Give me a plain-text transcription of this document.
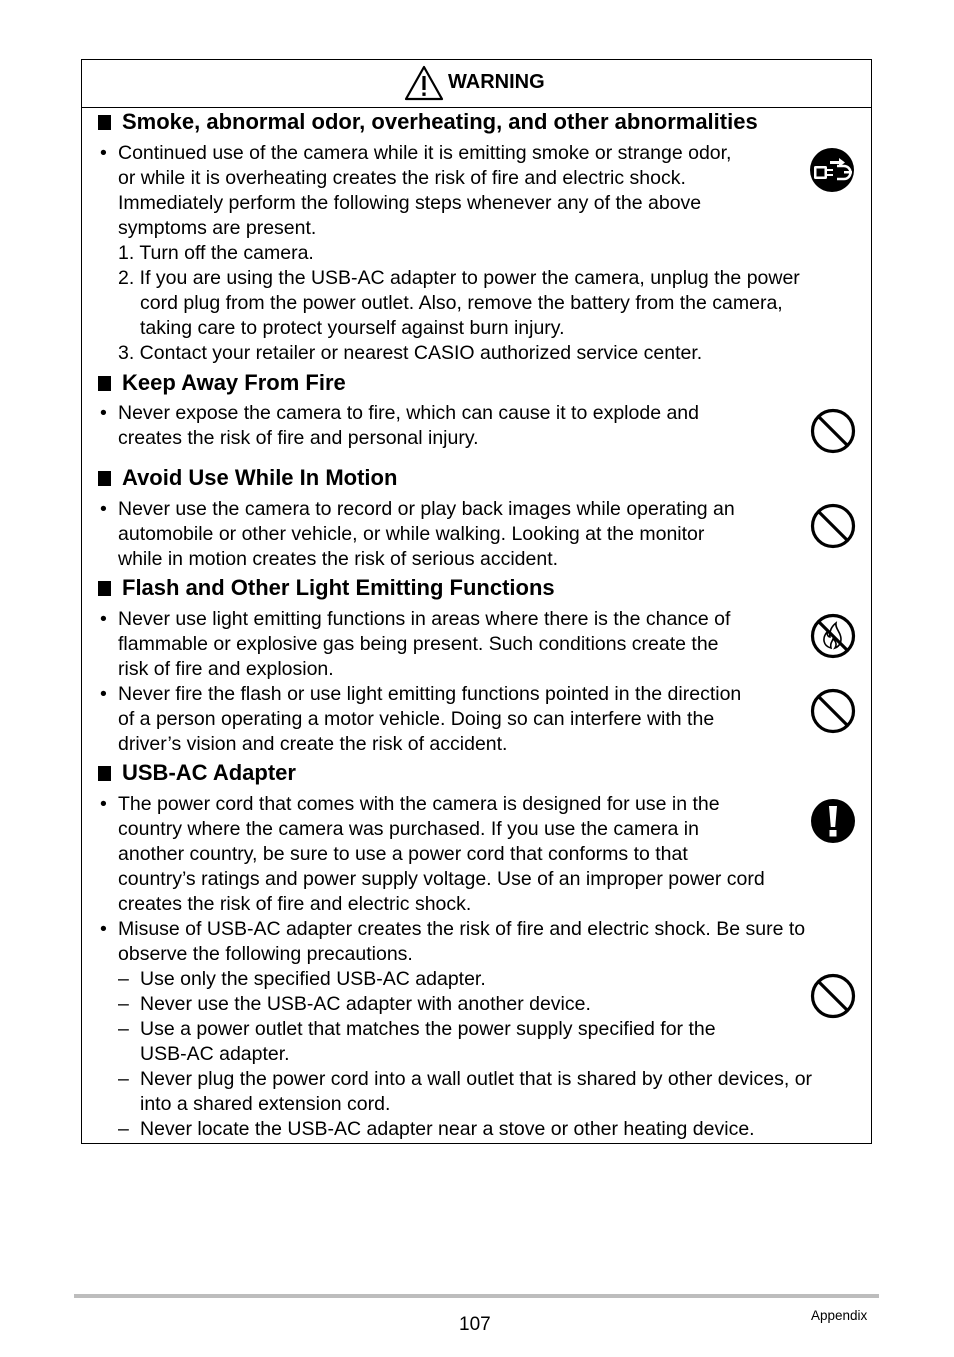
WARNING
Smoke, abnormal odor, overheating, and other abnormalities
• Continued use of the camera while it is emitting smoke or strange odor,
or while it is overheating creates the risk of fire and electric shock.
Immediately perform the following steps whenever any of the above
symptoms are present.
1. Turn off the camera.
2. If you are using the USB-AC adapter to power the camera, unplug the power
cord plug from the power outlet. Also, remove the battery from the camera,
taking care to protect yourself against burn injury.
3. Contact your retailer or nearest CASIO authorized service center.
Keep Away From Fire
• Never expose the camera to fire, which can cause it to explode and
creates the risk of fire and personal injury.
Avoid Use While In Motion
• Never use the camera to record or play back images while operating an
automobile or other vehicle, or while walking. Looking at the monitor
while in motion creates the risk of serious accident.
Flash and Other Light Emitting Functions
• Never use light emitting functions in areas where there is the chance of
flammable or explosive gas being present. Such conditions create the
risk of fire and explosion.
• Never fire the flash or use light emitting functions pointed in the direction
of a person operating a motor vehicle. Doing so can interfere with the
driver’s vision and create the risk of accident.
USB-AC Adapter
• The power cord that comes with the camera is designed for use in the
country where the camera was purchased. If you use the camera in
another country, be sure to use a power cord that conforms to that
country’s ratings and power supply voltage. Use of an improper power cord
creates the risk of fire and electric shock.
• Misuse of USB-AC adapter creates the risk of fire and electric shock. Be sure to
observe the following precautions.
– Use only the specified USB-AC adapter.
– Never use the USB-AC adapter with another device.
– Use a power outlet that matches the power supply specified for the
USB-AC adapter.
– Never plug the power cord into a wall outlet that is shared by other devices, or
into a shared extension cord.
– Never locate the USB-AC adapter near a stove or other heating device.
107	Appendix
